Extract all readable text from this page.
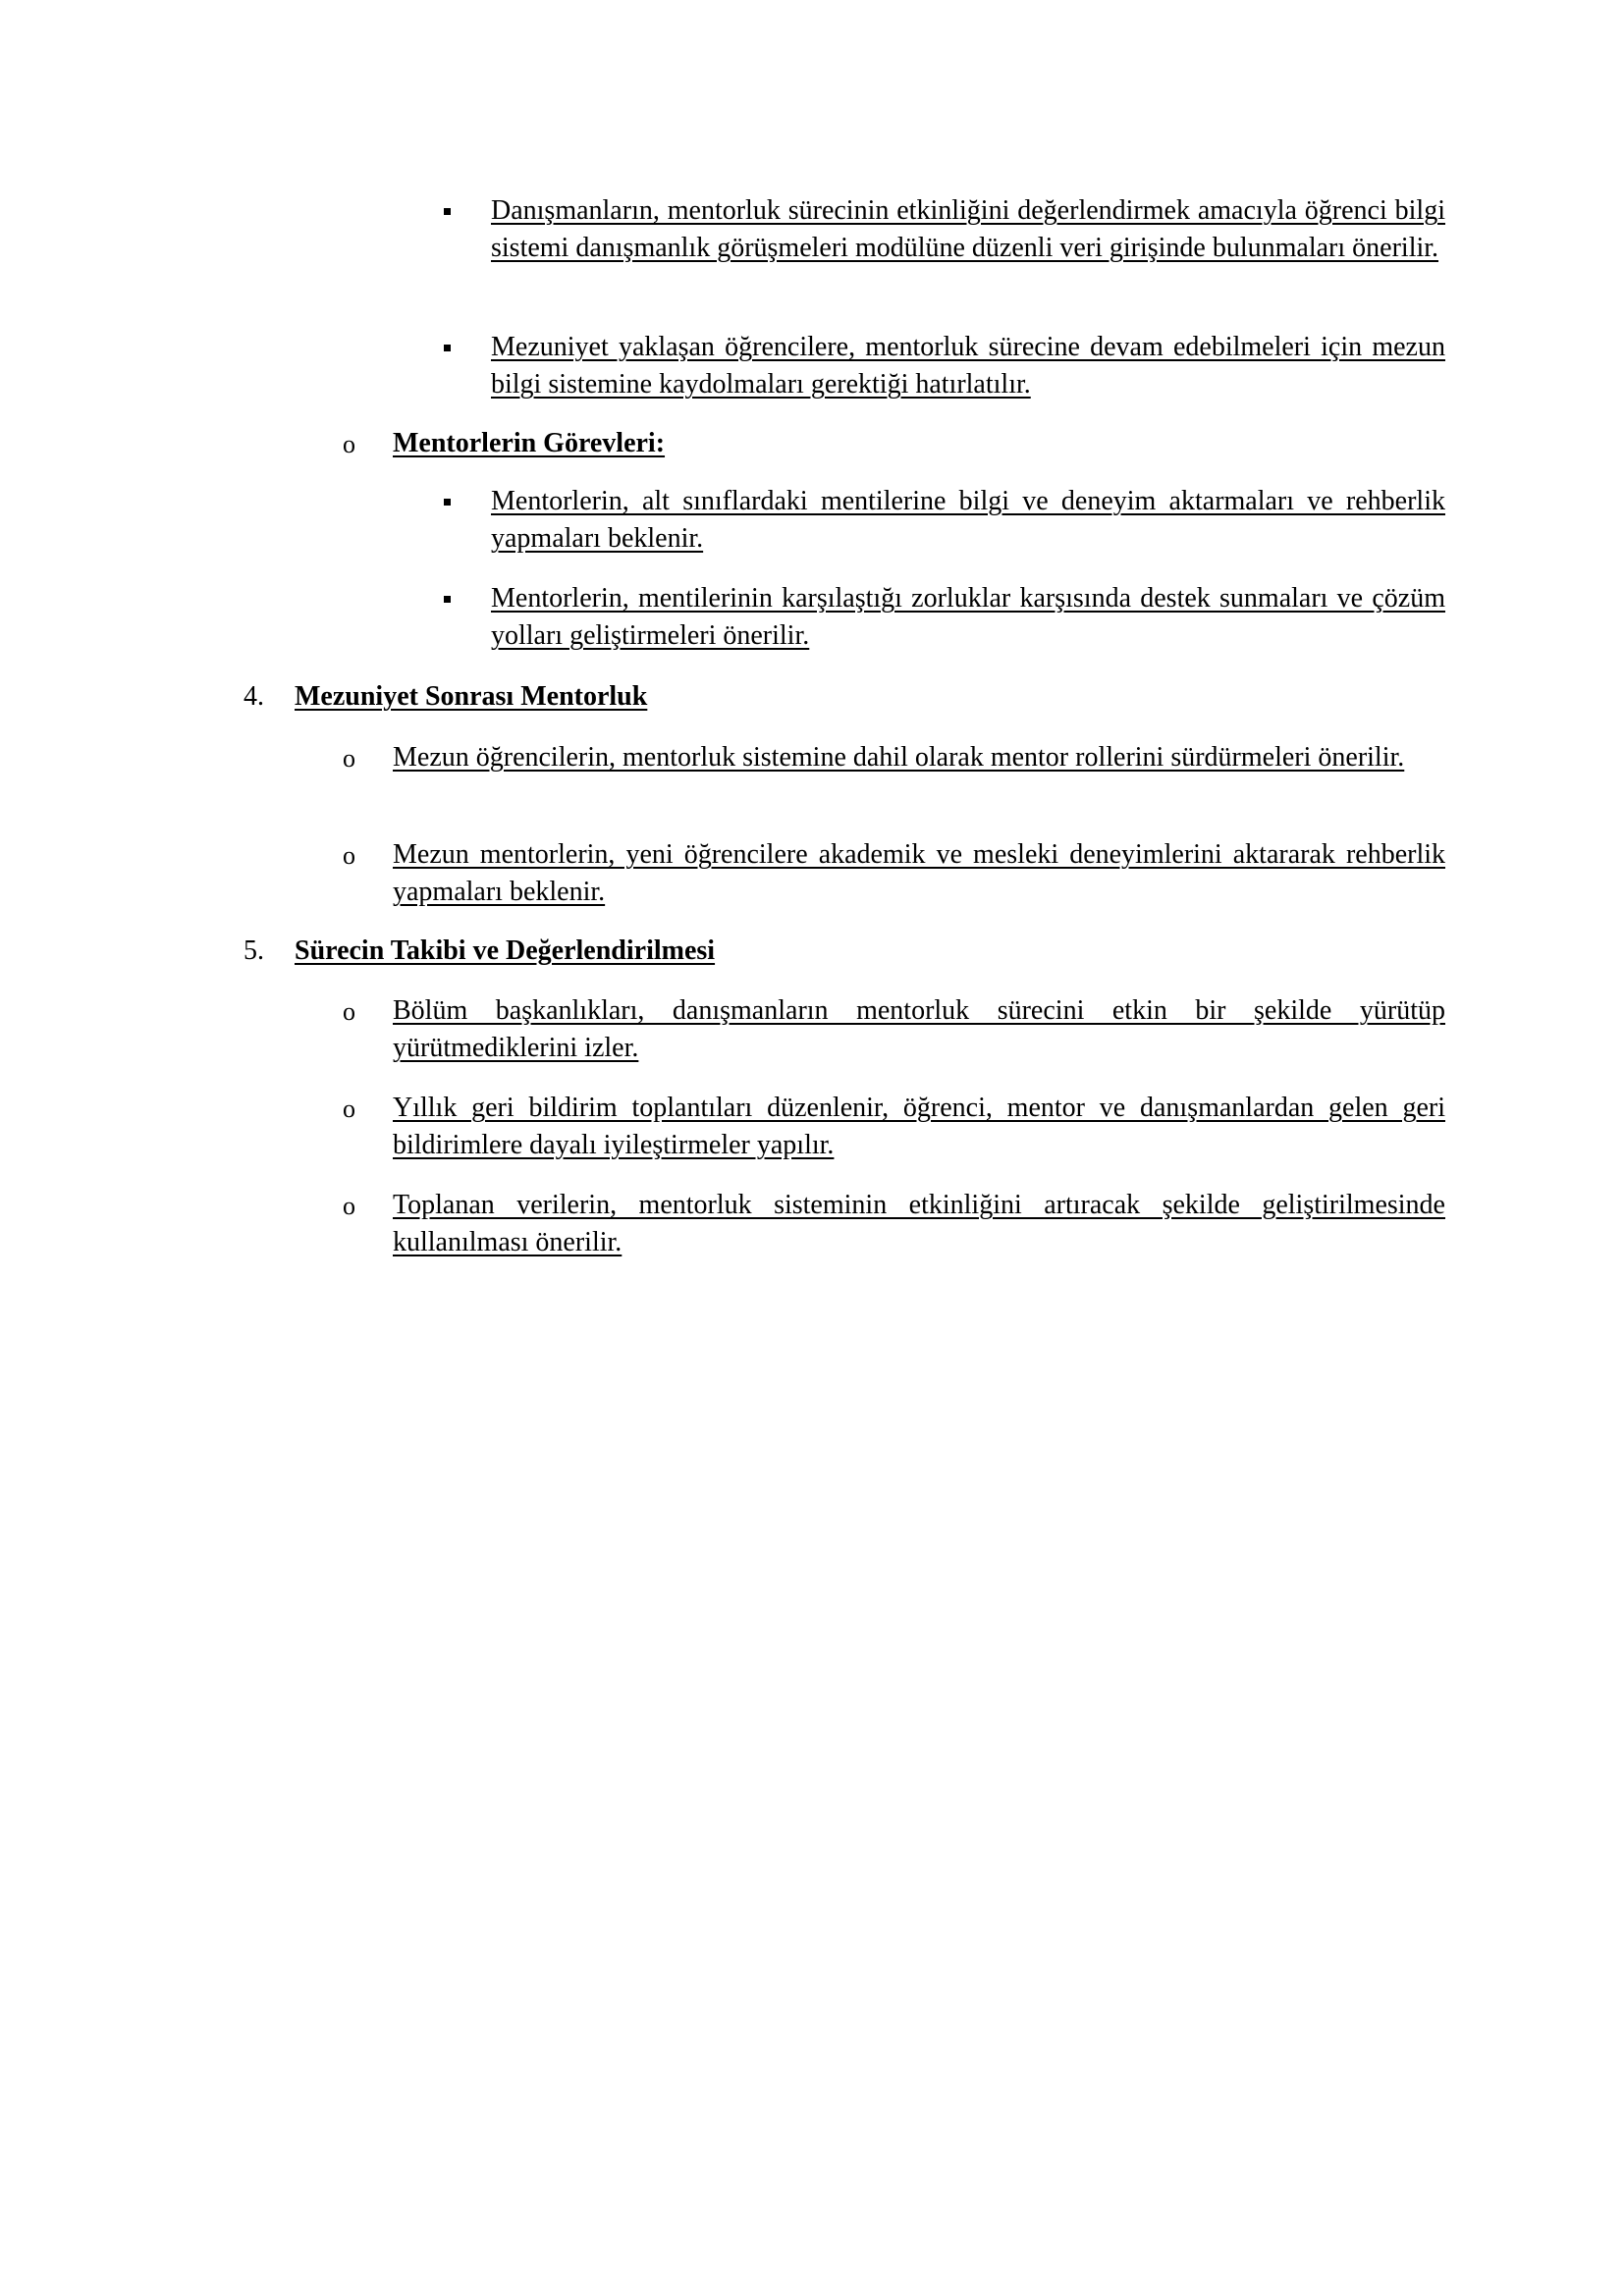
Danışmanların, mentorluk sürecinin etkinliğini değerlendirmek amacıyla öğrenci bilgi sistemi danışmanlık görüşmeleri modülüne düzenli veri girişinde bulunmaları önerilir.
Mezuniyet yaklaşan öğrencilere, mentorluk sürecine devam edebilmeleri için mezun bilgi sistemine kaydolmaları gerektiği hatırlatılır.
o Mentorlerin Görevleri:
Mentorlerin, alt sınıflardaki mentilerine bilgi ve deneyim aktarmaları ve rehberlik yapmaları beklenir.
Mentorlerin, mentilerinin karşılaştığı zorluklar karşısında destek sunmaları ve çözüm yolları geliştirmeleri önerilir.
4. Mezuniyet Sonrası Mentorluk
o Mezun öğrencilerin, mentorluk sistemine dahil olarak mentor rollerini sürdürmeleri önerilir.
o Mezun mentorlerin, yeni öğrencilere akademik ve mesleki deneyimlerini aktararak rehberlik yapmaları beklenir.
5. Sürecin Takibi ve Değerlendirilmesi
o Bölüm başkanlıkları, danışmanların mentorluk sürecini etkin bir şekilde yürütüp yürütmediklerini izler.
o Yıllık geri bildirim toplantıları düzenlenir, öğrenci, mentor ve danışmanlardan gelen geri bildirimlere dayalı iyileştirmeler yapılır.
o Toplanan verilerin, mentorluk sisteminin etkinliğini artıracak şekilde geliştirilmesinde kullanılması önerilir.
